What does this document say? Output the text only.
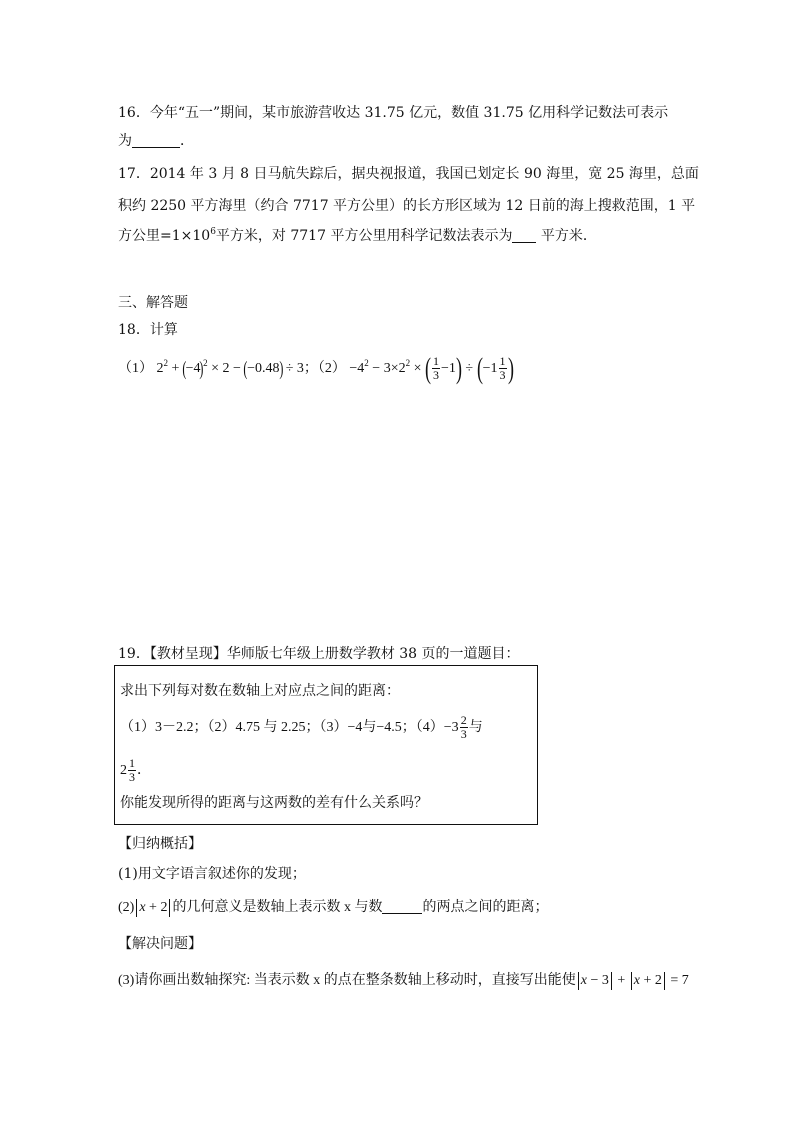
16．今年“五一”期间，某市旅游营收达 31.75 亿元，数值 31.75 亿用科学记数法可表示
为	．
17．2014 年 3 月 8 日马航失踪后，据央视报道，我国已划定长 90 海里，宽 25 海里，总面
积约 2250 平方海里（约合 7717 平方公里）的长方形区域为 12 日前的海上搜救范围，1 平
方公里$=1\times 10^6$平方米，对 7717 平方公里用科学记数法表示为 平方米．
三、解答题
18．计算
（1） $2^2 + (-4)^2 \times 2 - (-0.48) \div 3$；$(2) -4^2 - 3\times 2^2$ × ( $\frac{1}{3} -1) \div (-1 \frac{1}{3}$ )
19．【教材呈现】华师版七年级上册数学教材 38 页的一道题目：
求出下列每对数在数轴上对应点之间的距离：
（1）3－2.2；（2）4.75 与 2.25；（3）−4与−4.5；$(4)-3 \frac{2}{3}$ 与
$2 \frac{1}{3}$ ．
你能发现所得的距离与这两数的差有什么关系吗？
【归纳概括】
(1)用文字语言叙述你的发现；
(2) x + 2 的几何意义是数轴上表示数 x 与数	的两点之间的距离；
【解决问题】
(3)请你画出数轴探究: 当表示数 x 的点在整条数轴上移动时，直接写出能使 x − 3 + x + 2 = 7
